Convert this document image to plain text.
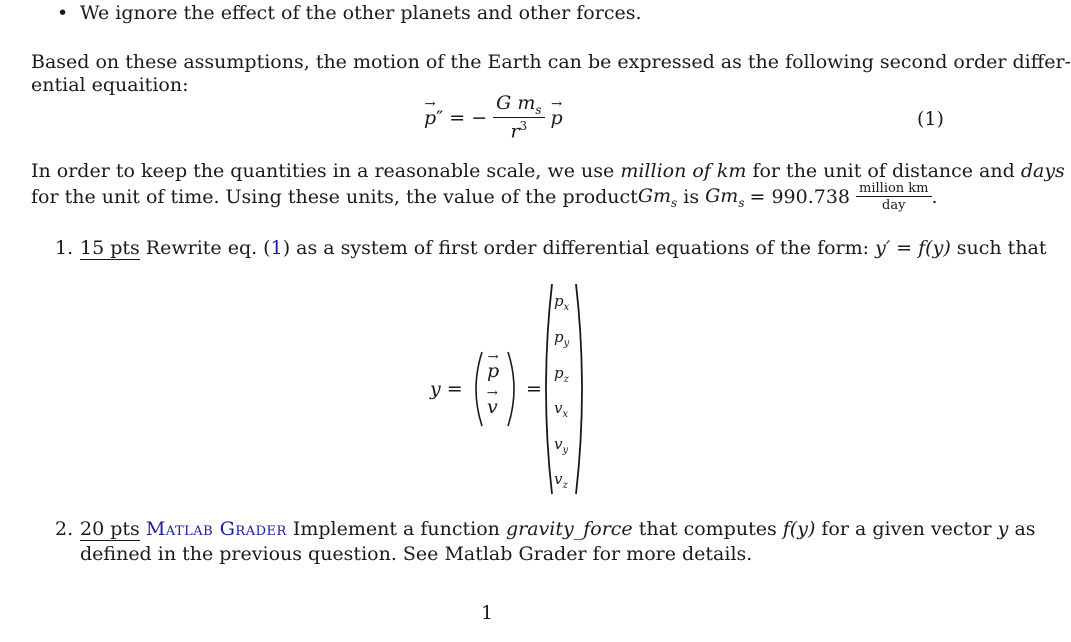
• We ignore the effect of the other planets and other forces.
Based on these assumptions, the motion of the Earth can be expressed as the following second order differ-
ential equaition:
p →″ = − $\frac{G m_s}{r^3}$ p →	(1)
In order to keep the quantities in a reasonable scale, we use million of km for the unit of distance and days
for the unit of time. Using these units, the value of the product $Gm_s$ is $Gm_s = 990.738 \frac{\text{million km}}{\text{day}}$ .
1. 15 pts Rewrite eq. (1) as a system of first order differential equations of the form: y′ = f(y) such that
y =
p →
v →
=
$p_x$
$p_y$
$p_z$
$v_x$
$v_y$
$v_z$
2. 20 pts Matlab Grader Implement a function gravity_force that computes f(y) for a given vector y as
defined in the previous question. See Matlab Grader for more details.
1
